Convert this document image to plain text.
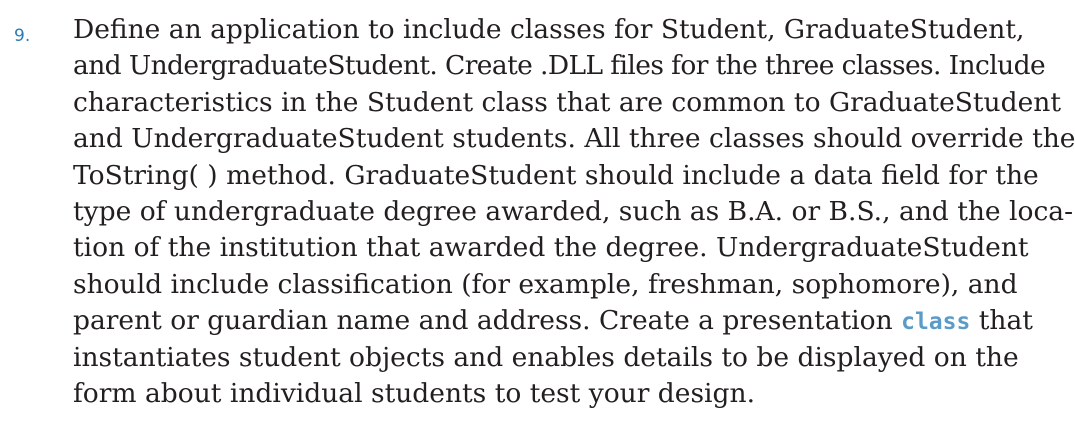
9. Define an application to include classes for Student, GraduateStudent,
and UndergraduateStudent. Create .DLL files for the three classes. Include
characteristics in the Student class that are common to GraduateStudent
and UndergraduateStudent students. All three classes should override the
ToString( ) method. GraduateStudent should include a data field for the
type of undergraduate degree awarded, such as B.A. or B.S., and the loca-
tion of the institution that awarded the degree. UndergraduateStudent
should include classification (for example, freshman, sophomore), and
parent or guardian name and address. Create a presentation class that
instantiates student objects and enables details to be displayed on the
form about individual students to test your design.
